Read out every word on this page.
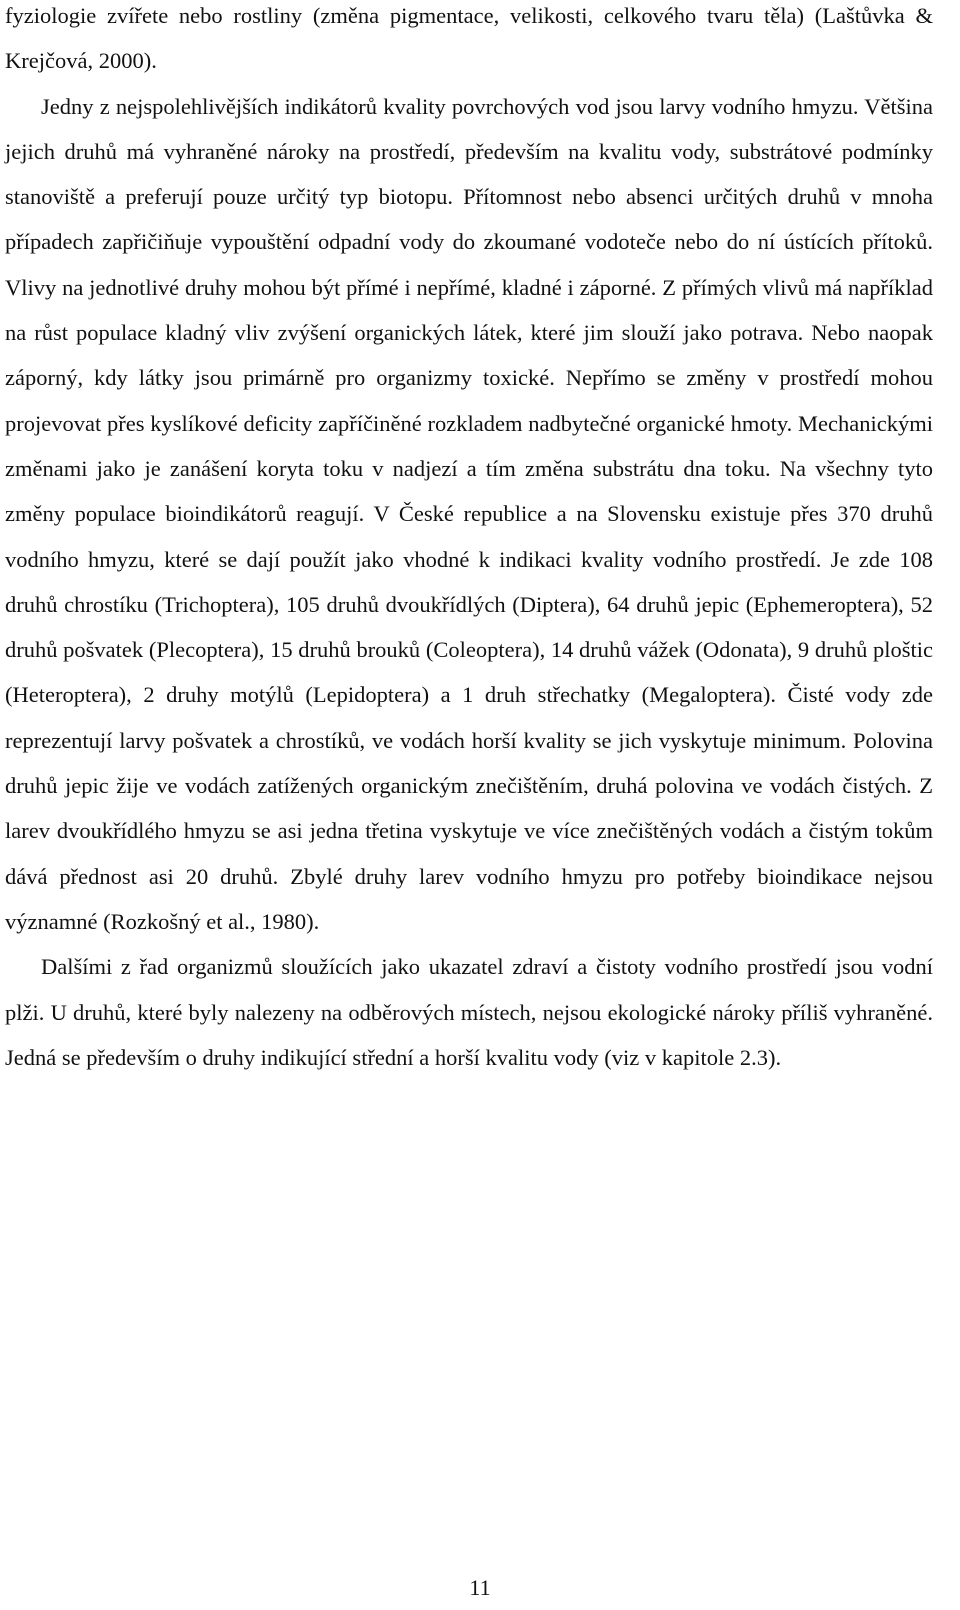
fyziologie zvířete nebo rostliny (změna pigmentace, velikosti, celkového tvaru těla) (Laštůvka & Krejčová, 2000).

Jedny z nejspolehlivějších indikátorů kvality povrchových vod jsou larvy vodního hmyzu. Většina jejich druhů má vyhraněné nároky na prostředí, především na kvalitu vody, substrátové podmínky stanoviště a preferují pouze určitý typ biotopu. Přítomnost nebo absenci určitých druhů v mnoha případech zapřičiňuje vypouštění odpadní vody do zkoumané vodoteče nebo do ní ústících přítoků. Vlivy na jednotlivé druhy mohou být přímé i nepřímé, kladné i záporné. Z přímých vlivů má například na růst populace kladný vliv zvýšení organických látek, které jim slouží jako potrava. Nebo naopak záporný, kdy látky jsou primárně pro organizmy toxické. Nepřímo se změny v prostředí mohou projevovat přes kyslíkové deficity zapříčiněné rozkladem nadbytečné organické hmoty. Mechanickými změnami jako je zanášení koryta toku v nadjezí a tím změna substrátu dna toku. Na všechny tyto změny populace bioindikátorů reagují. V České republice a na Slovensku existuje přes 370 druhů vodního hmyzu, které se dají použít jako vhodné k indikaci kvality vodního prostředí. Je zde 108 druhů chrostíku (Trichoptera), 105 druhů dvoukřídlých (Diptera), 64 druhů jepic (Ephemeroptera), 52 druhů pošvatek (Plecoptera), 15 druhů brouků (Coleoptera), 14 druhů vážek (Odonata), 9 druhů ploštic (Heteroptera), 2 druhy motýlů (Lepidoptera) a 1 druh střechatky (Megaloptera). Čisté vody zde reprezentují larvy pošvatek a chrostíků, ve vodách horší kvality se jich vyskytuje minimum. Polovina druhů jepic žije ve vodách zatížených organickým znečištěním, druhá polovina ve vodách čistých. Z larev dvoukřídlého hmyzu se asi jedna třetina vyskytuje ve více znečištěných vodách a čistým tokům dává přednost asi 20 druhů. Zbylé druhy larev vodního hmyzu pro potřeby bioindikace nejsou významné (Rozkošný et al., 1980).

Dalšími z řad organizmů sloužících jako ukazatel zdraví a čistoty vodního prostředí jsou vodní plži. U druhů, které byly nalezeny na odběrových místech, nejsou ekologické nároky příliš vyhraněné. Jedná se především o druhy indikující střední a horší kvalitu vody (viz v kapitole 2.3).

11
